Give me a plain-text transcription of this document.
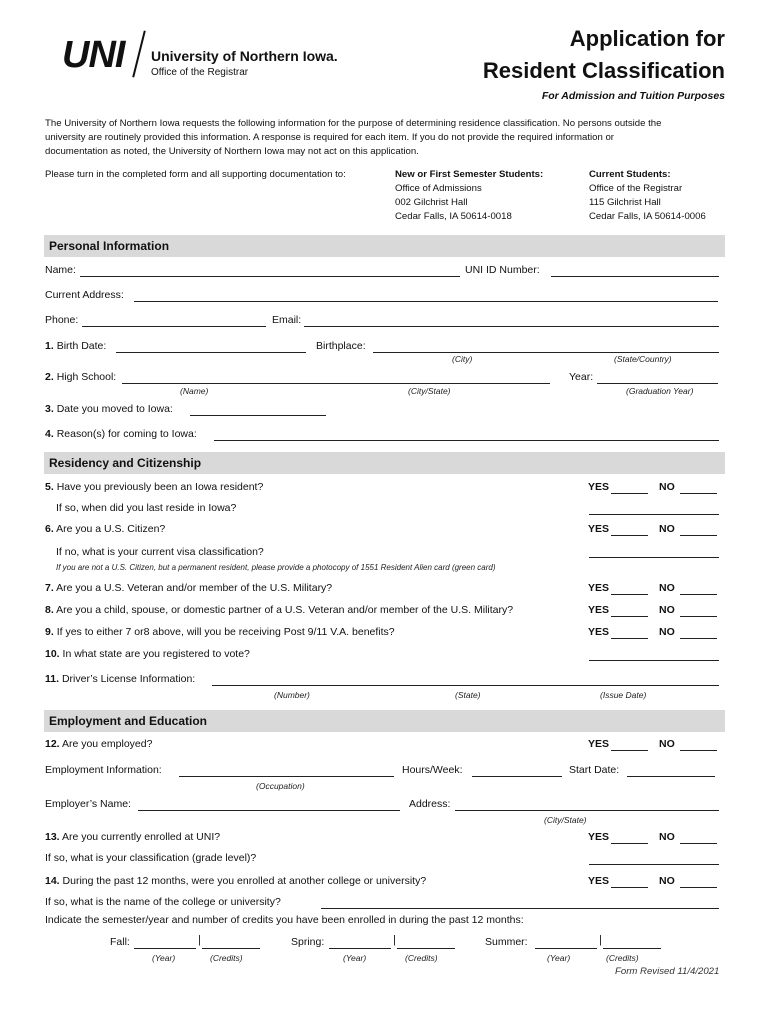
UNI University of Northern Iowa.
Office of the Registrar
Application for
Resident Classification
For Admission and Tuition Purposes
The University of Northern Iowa requests the following information for the purpose of determining residence classification. No persons outside the
university are routinely provided this information. A response is required for each item. If you do not provide the required information or
documentation as noted, the University of Northern Iowa may not act on this application.
Please turn in the completed form and all supporting documentation to:	New or First Semester Students:
Office of Admissions
002 Gilchrist Hall
Cedar Falls, IA 50614-0018
Current Students:
Office of the Registrar
115 Gilchrist Hall
Cedar Falls, IA 50614-0006
Personal Information
Name:	UNI ID Number:
Current Address:
Phone:	Email:
1. Birth Date:	Birthplace:
(City)	(State/Country)
2. High School:	Year:
(Name)	(City/State)	(Graduation Year)
3. Date you moved to Iowa:
4. Reason(s) for coming to Iowa:
Residency and Citizenship
5. Have you previously been an Iowa resident?	YES	NO
If so, when did you last reside in Iowa?
6. Are you a U.S. Citizen?	YES	NO
If no, what is your current visa classification?
If you are not a U.S. Citizen, but a permanent resident, please provide a photocopy of 1551 Resident Alien card (green card)
7. Are you a U.S. Veteran and/or member of the U.S. Military?	YES	NO
8. Are you a child, spouse, or domestic partner of a U.S. Veteran and/or member of the U.S. Military?	YES	NO
9. If yes to either 7 or8 above, will you be receiving Post 9/11 V.A. benefits?	YES	NO
10. In what state are you registered to vote?
11. Driver’s License Information:
(Number)	(State)	(Issue Date)
Employment and Education
12. Are you employed?	YES	NO
Employment Information:	Hours/Week:	Start Date:
(Occupation)
Employer’s Name:	Address:
(City/State)
13. Are you currently enrolled at UNI?	YES	NO
If so, what is your classification (grade level)?
14. During the past 12 months, were you enrolled at another college or university?	YES	NO
If so, what is the name of the college or university?
Indicate the semester/year and number of credits you have been enrolled in during the past 12 months:
Fall:	|
(Year)	(Credits)
Spring:	|
(Year)	(Credits)
Summer:	|
(Year)	(Credits)
Form Revised 11/4/2021
